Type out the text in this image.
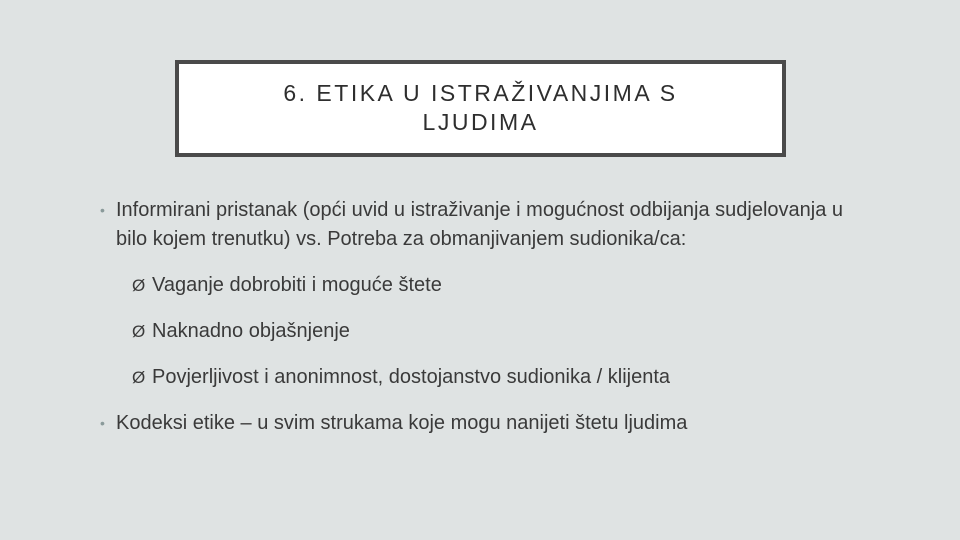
6. ETIKA U ISTRAŽIVANJIMA S LJUDIMA
• Informirani pristanak (opći uvid u istraživanje i mogućnost odbijanja sudjelovanja u bilo kojem trenutku) vs. Potreba za obmanjivanjem sudionika/ca:
Ø Vaganje dobrobiti i moguće štete
Ø Naknadno objašnjenje
Ø Povjerljivost i anonimnost, dostojanstvo sudionika / klijenta
• Kodeksi etike – u svim strukama koje mogu nanijeti štetu ljudima
